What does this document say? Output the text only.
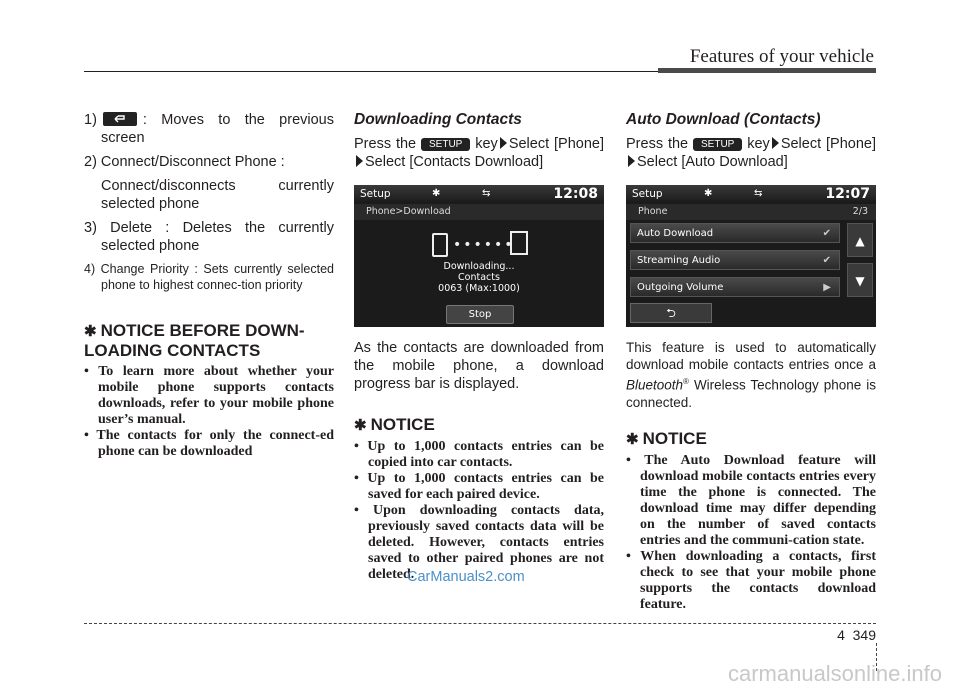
Features of your vehicle

1)	: Moves to the previous screen

2) Connect/Disconnect Phone :

Connect/disconnects currently selected phone

3) Delete : Deletes the currently selected phone

4) Change Priority : Sets currently selected phone to highest connec-tion priority

✱ NOTICE BEFORE DOWN-LOADING CONTACTS

• To learn more about whether your mobile phone supports contacts downloads, refer to your mobile phone user’s manual.

• The contacts for only the connect-ed phone can be downloaded

Downloading Contacts

Press the SETUP key Select [Phone]Select [Contacts Download]

Setup	✱	⇆	12:08
Phone>Download
••••••
Downloading...
Contacts
0063 (Max:1000)
Stop

As the contacts are downloaded from the mobile phone, a download progress bar is displayed.

✱ NOTICE

• Up to 1,000 contacts entries can be copied into car contacts.

• Up to 1,000 contacts entries can be saved for each paired device.

• Upon downloading contacts data, previously saved contacts data will be deleted. However, contacts entries saved to other paired phones are not deleted.

Auto Download (Contacts)

Press the SETUP key Select [Phone]Select [Auto Download]

Setup	✱	⇆	12:07
Phone	2/3
Auto Download	✔
Streaming Audio	✔
Outgoing Volume	▶
▲
▼
⮌

This feature is used to automatically download mobile contacts entries once a Bluetooth® Wireless Technology phone is connected.

✱ NOTICE

• The Auto Download feature will download mobile contacts entries every time the phone is connected. The download time may differ depending on the number of saved contacts entries and the communi-cation state.

• When downloading a contacts, first check to see that your mobile phone supports the contacts download feature.

CarManuals2.com
4 349
carmanualsonline.info
